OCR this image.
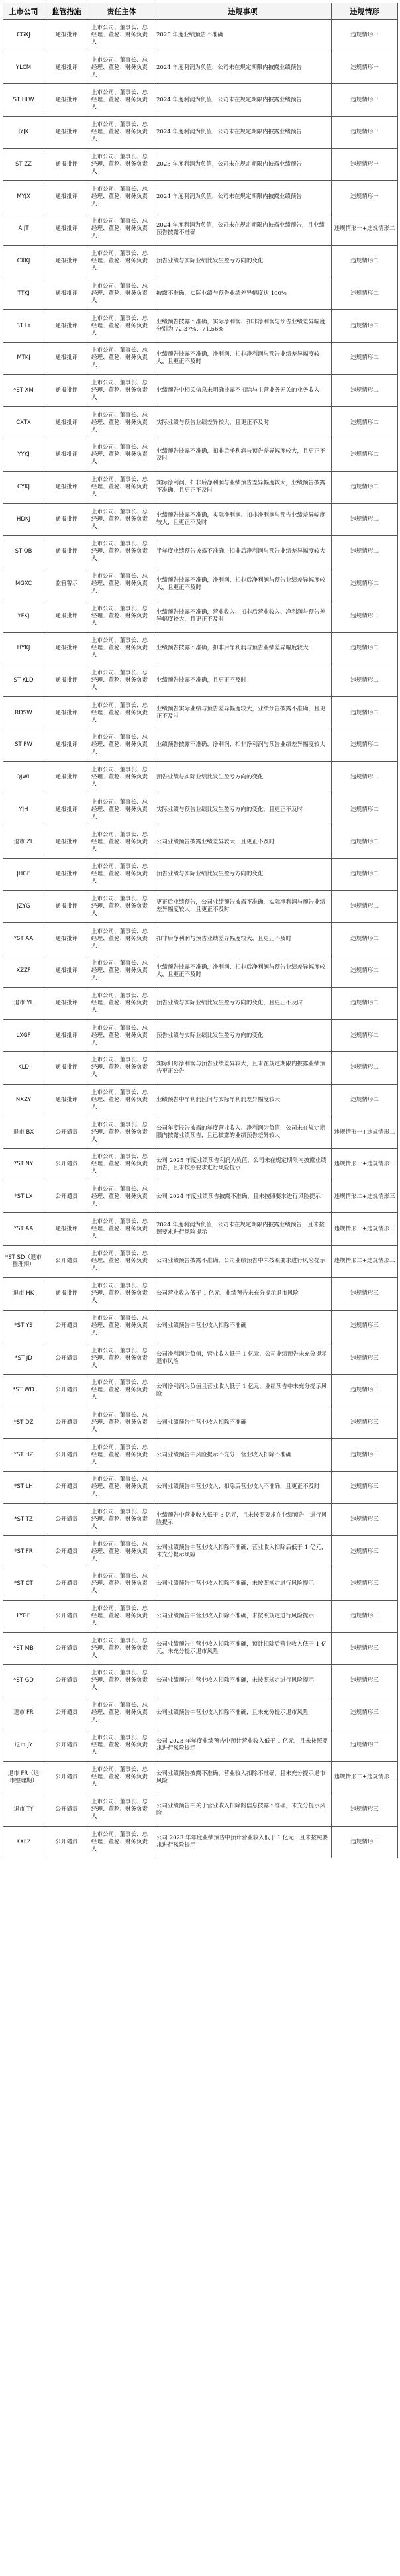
上市公司	监管措施	责任主体	违规事项	违规情形
CGKJ	通报批评	上市公司、董事长、总经理、董秘、财务负责人	2025 年度业绩预告不准确	违规情形一
YLCM	通报批评	上市公司、董事长、总经理、董秘、财务负责人	2024 年度利润为负值，公司未在规定期限内披露业绩预告	违规情形一
ST HLW	通报批评	上市公司、董事长、总经理、董秘、财务负责人	2024 年度利润为负值，公司未在规定期限内披露业绩预告	违规情形一
JYJK	通报批评	上市公司、董事长、总经理、董秘、财务负责人	2024 年度利润为负值，公司未在规定期限内披露业绩预告	违规情形一
ST ZZ	通报批评	上市公司、董事长、总经理、董秘、财务负责人	2023 年度利润为负值，公司未在规定期限内披露业绩预告	违规情形一
MYJX	通报批评	上市公司、董事长、总经理、董秘、财务负责人	2024 年度利润为负值，公司未在规定期限内披露业绩预告	违规情形一
AJJT	通报批评	上市公司、董事长、总经理、董秘、财务负责人	2024 年度利润为负值，公司未在规定期限内披露业绩预告，且业绩预告披露不准确	违规情形一+违规情形二
CXKJ	通报批评	上市公司、董事长、总经理、董秘、财务负责人	预告业绩与实际业绩比发生盈亏方向的变化	违规情形二
TTKJ	通报批评	上市公司、董事长、总经理、董秘、财务负责人	披露不准确，实际业绩与预告业绩差异幅度达 100%	违规情形二
ST LY	通报批评	上市公司、董事长、总经理、董秘、财务负责人	业绩预告披露不准确，实际净利润、扣非净利润与预告业绩差异幅度分别为 72.37%、71.56%	违规情形二
MTKJ	通报批评	上市公司、董事长、总经理、董秘、财务负责人	业绩预告披露不准确，净利润、扣非净利润与预告业绩差异幅度较大，且更正不及时	违规情形二
*ST XM	通报批评	上市公司、董事长、总经理、董秘、财务负责人	业绩预告中相关信息未明确披露不扣除与主营业务无关的业务收入	违规情形二
CXTX	通报批评	上市公司、董事长、总经理、董秘、财务负责人	实际业绩与预告业绩差异较大，且更正不及时	违规情形二
YYKJ	通报批评	上市公司、董事长、总经理、董秘、财务负责人	业绩预告披露不准确，扣非后净利润与预告差异幅度较大，且更正不及时	违规情形二
CYKJ	通报批评	上市公司、董事长、总经理、董秘、财务负责人	实际净利润、扣非后净利润与业绩预告差异幅度较大，业绩预告披露不准确，且更正不及时	违规情形二
HDKJ	通报批评	上市公司、董事长、总经理、董秘、财务负责人	业绩预告披露不准确，实际净利润、扣非净利润与预告业绩差异幅度较大，且更正不及时	违规情形二
ST QB	通报批评	上市公司、董事长、总经理、董秘、财务负责人	半年度业绩预告披露不准确，扣非后净利润与预告业绩差异幅度较大	违规情形二
MGXC	监管警示	上市公司、董事长、总经理、董秘、财务负责人	业绩预告披露不准确，净利润、扣非后净利润与预告业绩差异幅度较大，且更正不及时	违规情形二
YFKJ	通报批评	上市公司、董事长、总经理、董秘、财务负责人	业绩预告披露不准确，营业收入、扣非后营业收入、净利润与预告差异幅度较大，且更正不及时	违规情形二
HYKJ	通报批评	上市公司、董事长、总经理、董秘、财务负责人	业绩预告披露不准确，扣非后净利润与预告业绩差异幅度较大	违规情形二
ST KLD	通报批评	上市公司、董事长、总经理、董秘、财务负责人	业绩预告披露不准确，且更正不及时	违规情形二
RDSW	通报批评	上市公司、董事长、总经理、董秘、财务负责人	业绩预告实际业绩与预告差异幅度较大，业绩预告披露不准确，且更正不及时	违规情形二
ST PW	通报批评	上市公司、董事长、总经理、董秘、财务负责人	业绩预告披露不准确，净利润、扣非净利润与预告业绩差异幅度较大	违规情形二
QJWL	通报批评	上市公司、董事长、总经理、董秘、财务负责人	预告业绩与实际业绩比发生盈亏方向的变化	违规情形二
YJH	通报批评	上市公司、董事长、总经理、董秘、财务负责人	实际业绩与预告业绩比发生盈亏方向的变化，且更正不及时	违规情形二
退市 ZL	通报批评	上市公司、董事长、总经理、董秘、财务负责人	公司业绩预告披露业绩差异较大，且更正不及时	违规情形二
JHGF	通报批评	上市公司、董事长、总经理、董秘、财务负责人	预告业绩与实际业绩比发生盈亏方向的变化	违规情形二
JZYG	通报批评	上市公司、董事长、总经理、董秘、财务负责人	更正后业绩预告，公司业绩预告披露不准确，实际净利润与预告业绩差异幅度较大，且更正不及时	违规情形二
*ST AA	通报批评	上市公司、董事长、总经理、董秘、财务负责人	扣非后净利润与预告业绩差异幅度较大，且更正不及时	违规情形二
XZZF	通报批评	上市公司、董事长、总经理、董秘、财务负责人	业绩预告披露不准确，净利润、扣非后净利润与预告业绩差异幅度较大，且更正不及时	违规情形二
退市 YL	通报批评	上市公司、董事长、总经理、董秘、财务负责人	预告业绩与实际业绩比发生盈亏方向的变化，且更正不及时	违规情形二
LXGF	通报批评	上市公司、董事长、总经理、董秘、财务负责人	预告业绩与实际业绩比发生盈亏方向的变化	违规情形二
KLD	通报批评	上市公司、董事长、总经理、董秘、财务负责人	实际归母净利润与预告业绩差异较大，且未在规定期限内披露业绩预告更正公告	违规情形二
NXZY	通报批评	上市公司、董事长、总经理、董秘、财务负责人	业绩预告中净利润区间与实际净利润差异幅度较大	违规情形二
退市 BX	公开谴责	上市公司、董事长、总经理、董秘、财务负责人	公司年度报告披露的年度营业收入、净利润为负值，公司未在规定期限内披露业绩预告，且已披露的业绩预告差异较大	违规情形一+违规情形二
*ST NY	公开谴责	上市公司、董事长、总经理、董秘、财务负责人	公司 2025 年度业绩预告利润为负值，公司未在规定期限内披露业绩预告，且未按照要求进行风险提示	违规情形一+违规情形三
*ST LX	公开谴责	上市公司、董事长、总经理、董秘、财务负责人	公司 2024 年度业绩预告披露不准确，且未按照要求进行风险提示	违规情形二+违规情形三
*ST AA	通报批评	上市公司、董事长、总经理、董秘、财务负责人	2024 年度利润为负值，公司未在规定期限内披露业绩预告，且未按照要求进行风险提示	违规情形一+违规情形三
*ST SD（退市整理期）	公开谴责	上市公司、董事长、总经理、董秘、财务负责人	公司业绩预告披露不准确，公司业绩预告中未按照要求进行风险提示	违规情形二+违规情形三
退市 HK	通报批评	上市公司、董事长、总经理、董秘、财务负责人	公司营业收入低于 1 亿元，业绩预告未充分提示退市风险	违规情形三
*ST YS	公开谴责	上市公司、董事长、总经理、董秘、财务负责人	公司业绩预告中营业收入扣除不准确	违规情形三
*ST JD	公开谴责	上市公司、董事长、总经理、董秘、财务负责人	公司净利润为负值，营业收入低于 1 亿元，公司业绩预告未充分提示退市风险	违规情形三
*ST WD	公开谴责	上市公司、董事长、总经理、董秘、财务负责人	公司净利润为负值且营业收入低于 1 亿元，业绩预告中未充分提示风险	违规情形三
*ST DZ	公开谴责	上市公司、董事长、总经理、董秘、财务负责人	公司业绩预告中营业收入扣除不准确	违规情形三
*ST HZ	公开谴责	上市公司、董事长、总经理、董秘、财务负责人	公司业绩预告中风险提示不充分，营业收入扣除不准确	违规情形三
*ST LH	公开谴责	上市公司、董事长、总经理、董秘、财务负责人	公司业绩预告中营业收入、扣除后营业收入不准确，且更正不及时	违规情形三
*ST TZ	公开谴责	上市公司、董事长、总经理、董秘、财务负责人	业绩预告中营业收入低于 3 亿元，且未按照要求在业绩预告中进行风险提示	违规情形三
*ST FR	公开谴责	上市公司、董事长、总经理、董秘、财务负责人	公司业绩预告中营业收入扣除不准确，营业收入扣除后低于 1 亿元，未充分提示风险	违规情形三
*ST CT	公开谴责	上市公司、董事长、总经理、董秘、财务负责人	公司业绩预告中营业收入扣除不准确，未按照规定进行风险提示	违规情形三
LYGF	公开谴责	上市公司、董事长、总经理、董秘、财务负责人	公司业绩预告中营业收入扣除不准确，未按照规定进行风险提示	违规情形三
*ST MB	公开谴责	上市公司、董事长、总经理、董秘、财务负责人	公司业绩预告中营业收入扣除不准确，预计扣除后营业收入低于 1 亿元，未充分提示退市风险	违规情形三
*ST GD	公开谴责	上市公司、董事长、总经理、董秘、财务负责人	公司业绩预告中营业收入扣除不准确，未按照规定进行风险提示	违规情形三
退市 FR	公开谴责	上市公司、董事长、总经理、董秘、财务负责人	公司业绩预告中营业收入扣除不准确，且未充分提示退市风险	违规情形三
退市 JY	公开谴责	上市公司、董事长、总经理、董秘、财务负责人	公司 2023 年年度业绩预告中预计营业收入低于 1 亿元，且未按照要求进行风险提示	违规情形三
退市 FR（退市整理期）	公开谴责	上市公司、董事长、总经理、董秘、财务负责人	公司业绩预告披露不准确，营业收入扣除不准确，且未充分提示退市风险	违规情形二+违规情形三
退市 TY	公开谴责	上市公司、董事长、总经理、董秘、财务负责人	公司业绩预告中关于营业收入扣除的信息披露不准确，未充分提示风险	违规情形三
KXFZ	公开谴责	上市公司、董事长、总经理、董秘、财务负责人	公司 2023 年年度业绩预告中预计营业收入低于 1 亿元，且未按照要求进行风险提示	违规情形三
